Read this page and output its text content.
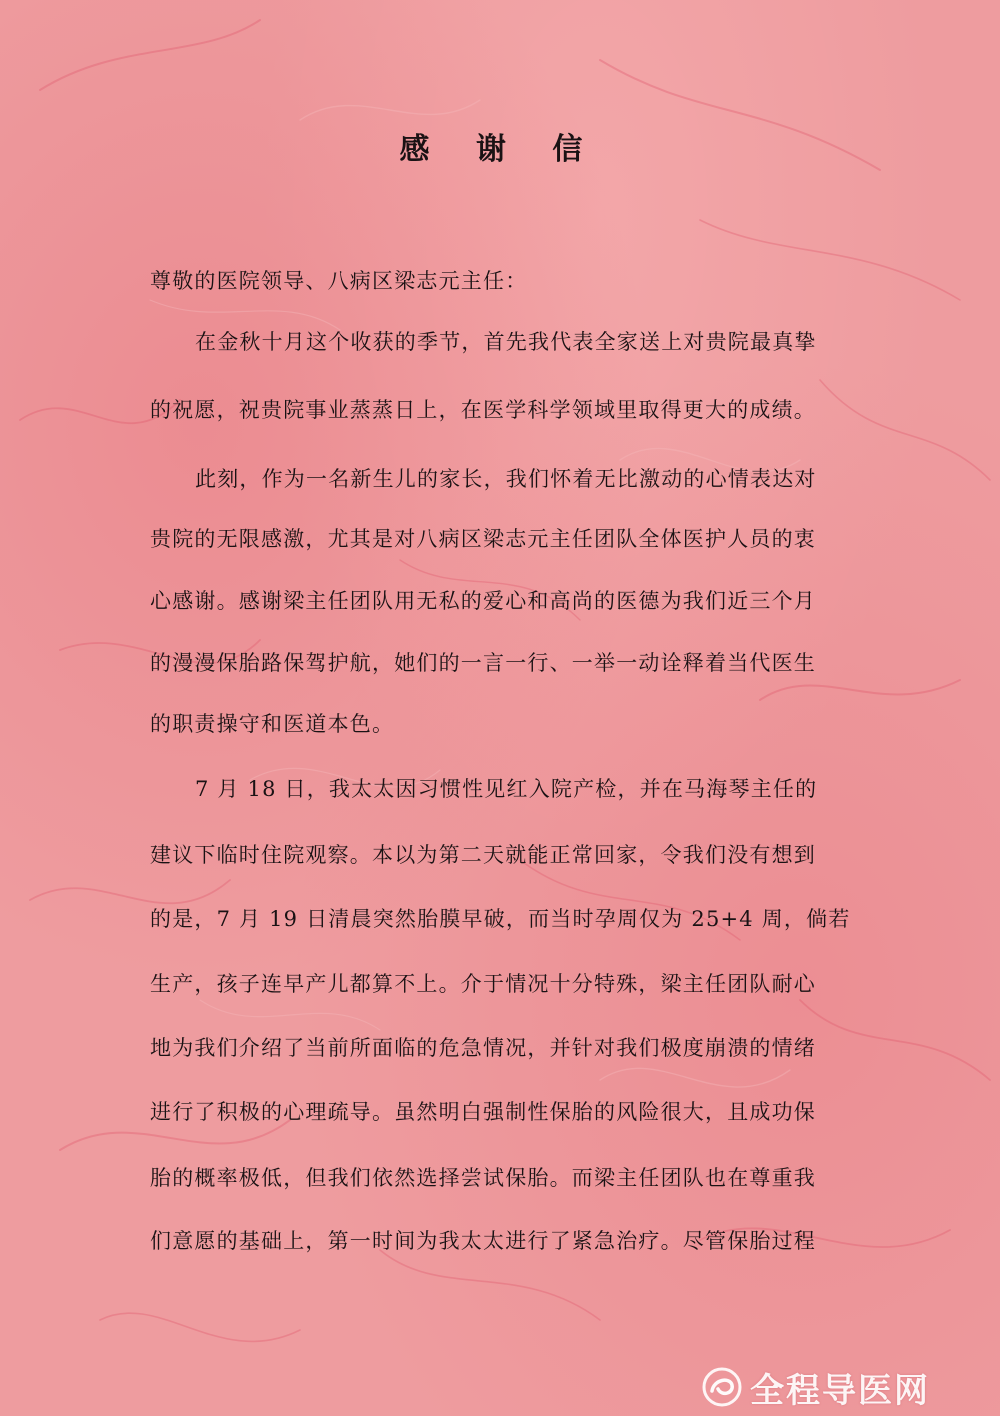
感 谢 信
尊敬的医院领导、八病区梁志元主任：
在金秋十月这个收获的季节，首先我代表全家送上对贵院最真挚
的祝愿，祝贵院事业蒸蒸日上，在医学科学领域里取得更大的成绩。
此刻，作为一名新生儿的家长，我们怀着无比激动的心情表达对
贵院的无限感激，尤其是对八病区梁志元主任团队全体医护人员的衷
心感谢。感谢梁主任团队用无私的爱心和高尚的医德为我们近三个月
的漫漫保胎路保驾护航，她们的一言一行、一举一动诠释着当代医生
的职责操守和医道本色。
7 月 18 日，我太太因习惯性见红入院产检，并在马海琴主任的
建议下临时住院观察。本以为第二天就能正常回家，令我们没有想到
的是，7 月 19 日清晨突然胎膜早破，而当时孕周仅为 25+4 周，倘若
生产，孩子连早产儿都算不上。介于情况十分特殊，梁主任团队耐心
地为我们介绍了当前所面临的危急情况，并针对我们极度崩溃的情绪
进行了积极的心理疏导。虽然明白强制性保胎的风险很大，且成功保
胎的概率极低，但我们依然选择尝试保胎。而梁主任团队也在尊重我
们意愿的基础上，第一时间为我太太进行了紧急治疗。尽管保胎过程
全程导医网
